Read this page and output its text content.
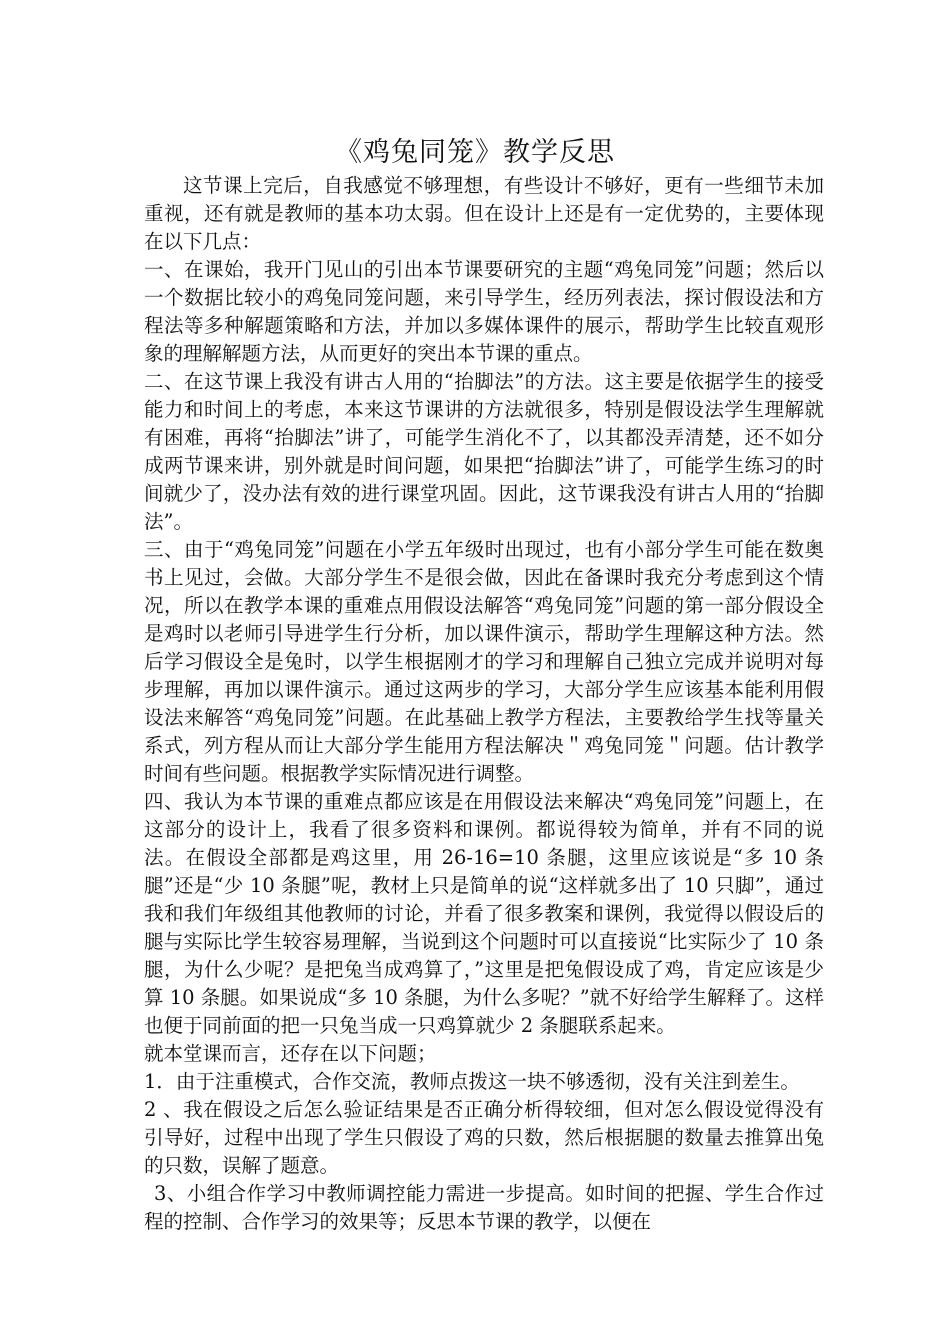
《鸡兔同笼》教学反思

这节课上完后，自我感觉不够理想，有些设计不够好，更有一些细节未加重视，还有就是教师的基本功太弱。但在设计上还是有一定优势的，主要体现在以下几点：

一、在课始，我开门见山的引出本节课要研究的主题“鸡兔同笼”问题；然后以一个数据比较小的鸡兔同笼问题，来引导学生，经历列表法，探讨假设法和方程法等多种解题策略和方法，并加以多媒体课件的展示，帮助学生比较直观形象的理解解题方法，从而更好的突出本节课的重点。

二、在这节课上我没有讲古人用的“抬脚法”的方法。这主要是依据学生的接受能力和时间上的考虑，本来这节课讲的方法就很多，特别是假设法学生理解就有困难，再将“抬脚法”讲了，可能学生消化不了，以其都没弄清楚，还不如分成两节课来讲，别外就是时间问题，如果把“抬脚法”讲了，可能学生练习的时间就少了，没办法有效的进行课堂巩固。因此，这节课我没有讲古人用的“抬脚法”。

三、由于“鸡兔同笼”问题在小学五年级时出现过，也有小部分学生可能在数奥书上见过，会做。大部分学生不是很会做，因此在备课时我充分考虑到这个情况，所以在教学本课的重难点用假设法解答“鸡兔同笼”问题的第一部分假设全是鸡时以老师引导进学生行分析，加以课件演示，帮助学生理解这种方法。然后学习假设全是兔时，以学生根据刚才的学习和理解自己独立完成并说明对每步理解，再加以课件演示。通过这两步的学习，大部分学生应该基本能利用假设法来解答“鸡兔同笼”问题。在此基础上教学方程法，主要教给学生找等量关系式，列方程从而让大部分学生能用方程法解决＂鸡兔同笼＂问题。估计教学时间有些问题。根据教学实际情况进行调整。

四、我认为本节课的重难点都应该是在用假设法来解决“鸡兔同笼”问题上，在这部分的设计上，我看了很多资料和课例。都说得较为简单，并有不同的说法。在假设全部都是鸡这里，用 26-16=10 条腿，这里应该说是“多 10 条腿”还是“少 10 条腿”呢，教材上只是简单的说“这样就多出了 10 只脚”，通过我和我们年级组其他教师的讨论，并看了很多教案和课例，我觉得以假设后的腿与实际比学生较容易理解，当说到这个问题时可以直接说“比实际少了 10 条腿，为什么少呢？是把兔当成鸡算了，”这里是把兔假设成了鸡，肯定应该是少算 10 条腿。如果说成“多 10 条腿，为什么多呢？”就不好给学生解释了。这样也便于同前面的把一只兔当成一只鸡算就少 2 条腿联系起来。

就本堂课而言，还存在以下问题；

1．由于注重模式，合作交流，教师点拨这一块不够透彻，没有关注到差生。

2 、我在假设之后怎么验证结果是否正确分析得较细，但对怎么假设觉得没有引导好，过程中出现了学生只假设了鸡的只数，然后根据腿的数量去推算出兔的只数，误解了题意。

3、小组合作学习中教师调控能力需进一步提高。如时间的把握、学生合作过程的控制、合作学习的效果等；反思本节课的教学，以便在
